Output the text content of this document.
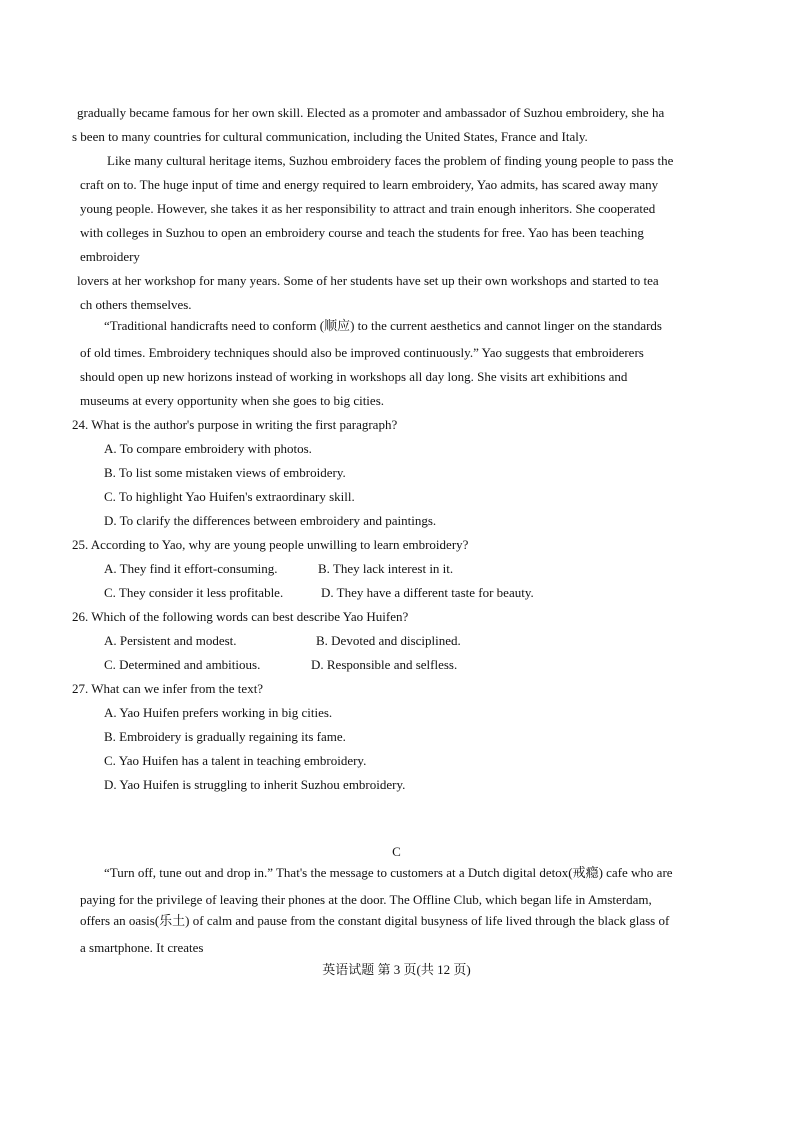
gradually became famous for her own skill. Elected as a promoter and ambassador of Suzhou embroidery, she ha
s been to many countries for cultural communication, including the United States, France and Italy.
Like many cultural heritage items, Suzhou embroidery faces the problem of finding young people to pass the
craft on to. The huge input of time and energy required to learn embroidery, Yao admits, has scared away many
young people. However, she takes it as her responsibility to attract and train enough inheritors. She cooperated
with colleges in Suzhou to open an embroidery course and teach the students for free. Yao has been teaching
embroidery
lovers at her workshop for many years. Some of her students have set up their own workshops and started to tea
ch others themselves.
“Traditional handicrafts need to conform (顺应) to the current aesthetics and cannot linger on the standards
of old times. Embroidery techniques should also be improved continuously.” Yao suggests that embroiderers
should open up new horizons instead of working in workshops all day long. She visits art exhibitions and
museums at every opportunity when she goes to big cities.
24. What is the author's purpose in writing the first paragraph?
A. To compare embroidery with photos.
B. To list some mistaken views of embroidery.
C. To highlight Yao Huifen's extraordinary skill.
D. To clarify the differences between embroidery and paintings.
25. According to Yao, why are young people unwilling to learn embroidery?
A. They find it effort-consuming.	B. They lack interest in it.
C. They consider it less profitable.	D. They have a different taste for beauty.
26. Which of the following words can best describe Yao Huifen?
A. Persistent and modest.	B. Devoted and disciplined.
C. Determined and ambitious.	D. Responsible and selfless.
27. What can we infer from the text?
A. Yao Huifen prefers working in big cities.
B. Embroidery is gradually regaining its fame.
C. Yao Huifen has a talent in teaching embroidery.
D. Yao Huifen is struggling to inherit Suzhou embroidery.
C
“Turn off, tune out and drop in.” That's the message to customers at a Dutch digital detox(戒瘾) cafe who are
paying for the privilege of leaving their phones at the door. The Offline Club, which began life in Amsterdam,
offers an oasis(乐土) of calm and pause from the constant digital busyness of life lived through the black glass of
a smartphone. It creates
英语试题 第 3 页(共 12 页)
